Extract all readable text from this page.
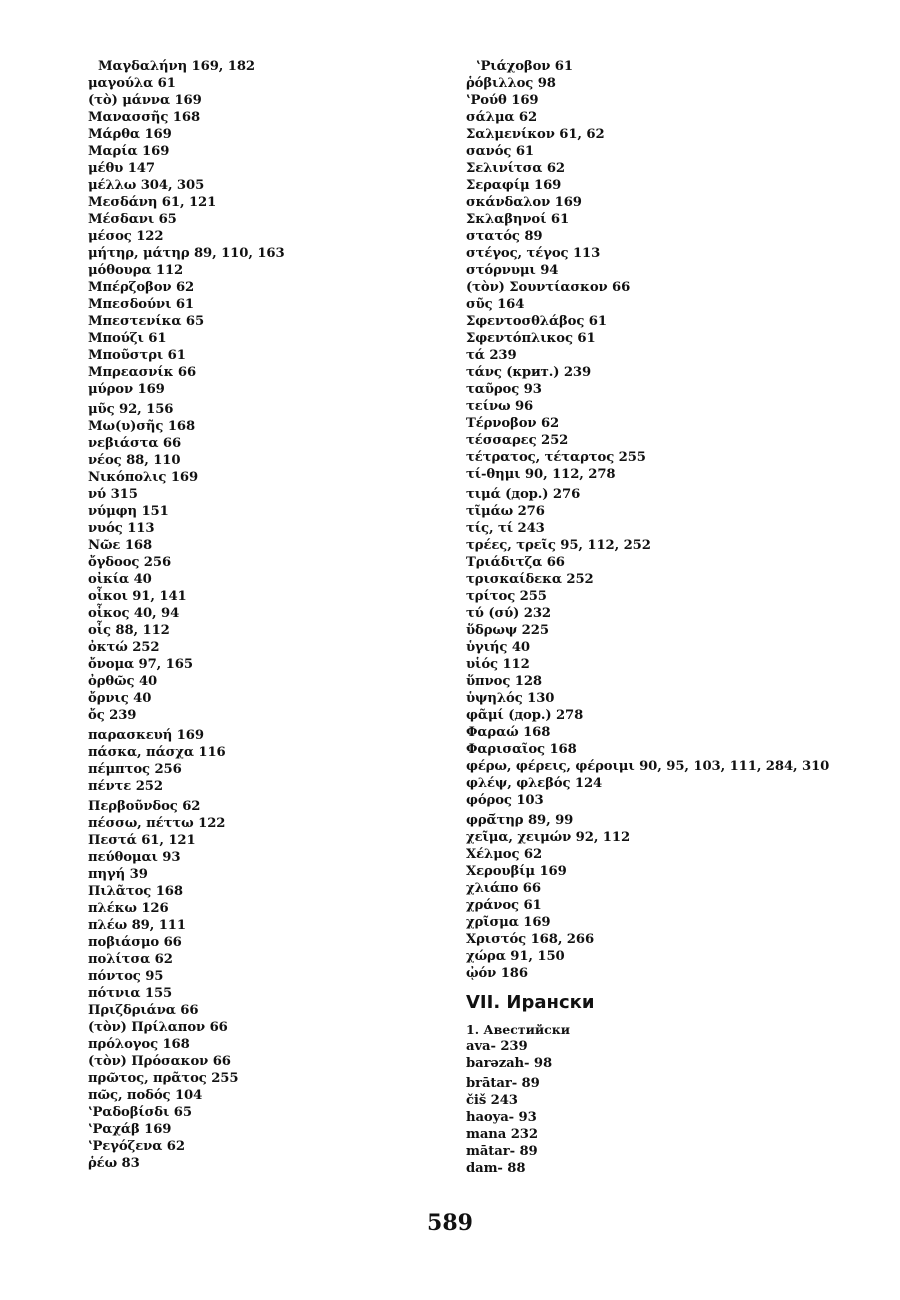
Μαγδαλήνη 169, 182
μαγούλα 61
(τὸ) μάννα 169
Μανασσῆς 168
Μάρθα 169
Μαρία 169
μέθυ 147
μέλλω 304, 305
Μεσδάνη 61, 121
Μέσδανι 65
μέσος 122
μήτηρ, μάτηρ 89, 110, 163
μόθουρα 112
Μπέρζοβον 62
Μπεσδούνι 61
Μπεστενίκα 65
Μπούζι 61
Μποῦστρι 61
Μπρεασνίκ 66
μύρον 169
μῦς 92, 156
Μω(υ)σῆς 168
νεβιάστα 66
νέος 88, 110
Νικόπολις 169
νύ 315
νύμφη 151
νυός 113
Νῶε 168
ὄγδοος 256
οἰκία 40
οἶκοι 91, 141
οἶκος 40, 94
οἶς 88, 112
ὀκτώ 252
ὄνομα 97, 165
ὀρθῶς 40
ὄρνις 40
ὄς 239
παρασκευή 169
πάσκα, πάσχα 116
πέμπτος 256
πέντε 252
Περβοῦνδος 62
πέσσω, πέττω 122
Πεστά 61, 121
πεύθομαι 93
πηγή 39
Πιλᾶτος 168
πλέκω 126
πλέω 89, 111
ποβιάσμο 66
πολίτσα 62
πόντος 95
πότνια 155
Πριζδριάνα 66
(τὸν) Πρίλαπον 66
πρόλογος 168
(τὸν) Πρόσακον 66
πρῶτος, πρᾶτος 255
πῶς, ποδός 104
ʽΡαδοβίσδι 65
ʽΡαχάβ 169
ʽΡεγόζενα 62
ῥέω 83
ʽΡιάχοβον 61
ῥόβιλλος 98
ʽΡούθ 169
σάλμα 62
Σαλμενίκον 61, 62
σανός 61
Σελινίτσα 62
Σεραφίμ 169
σκάνδαλον 169
Σκλαβηνοί 61
στατός 89
στέγος, τέγος 113
στόρνυμι 94
(τὸν) Σουντίασκον 66
σῦς 164
Σφεντοσθλάβος 61
Σφεντόπλικος 61
τά 239
τάνς (крит.) 239
ταῦρος 93
τείνω 96
Τέρνοβον 62
τέσσαρες 252
τέτρατος, τέταρτος 255
τί-θημι 90, 112, 278
τιμά (дор.) 276
τῖμάω 276
τίς, τί 243
τρέες, τρεῖς 95, 112, 252
Τριάδιτζα 66
τρισκαίδεκα 252
τρίτος 255
τύ (σύ) 232
ὕδρωψ 225
ὑγιής 40
υἱός 112
ὕπνος 128
ὑψηλός 130
φᾶμί (дор.) 278
Φαραώ 168
Φαρισαῖος 168
φέρω, φέρεις, φέροιμι 90, 95, 103, 111, 284, 310
φλέψ, φλεβός 124
φόρος 103
φρᾱ́τηρ 89, 99
χεῖμα, χειμών 92, 112
Χέλμος 62
Χερουβίμ 169
χλιάπο 66
χράνος 61
χρῖσμα 169
Χριστός 168, 266
χώρα 91, 150
ᾠόν 186
VII. Ирански
1. Авестийски
ava- 239
barəzah- 98
brātar- 89
čiš 243
haoya- 93
mana 232
mātar- 89
dam- 88
589
